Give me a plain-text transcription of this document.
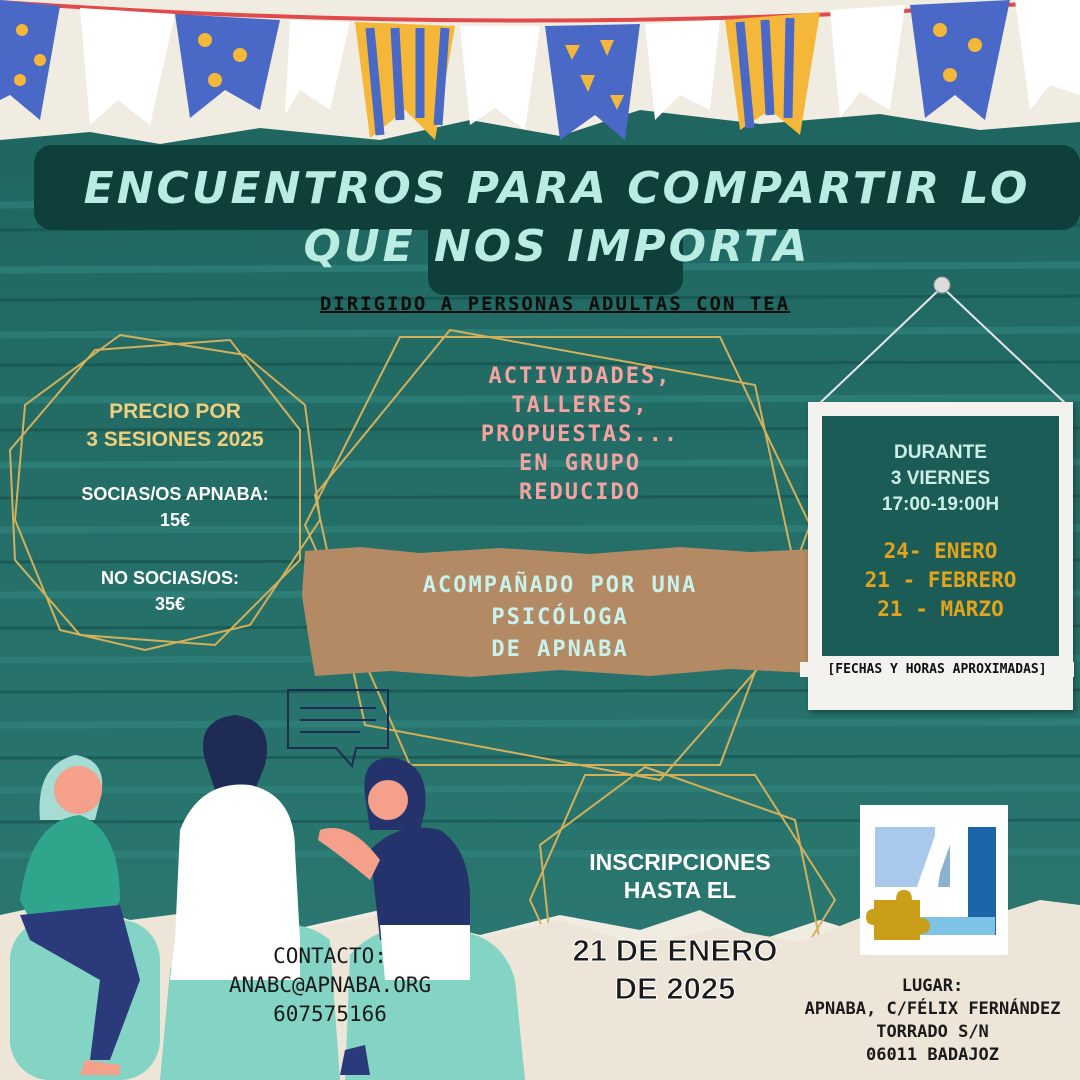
ENCUENTROS PARA COMPARTIR LO QUE NOS IMPORTA
DIRIGIDO A PERSONAS ADULTAS CON TEA
PRECIO POR
3 SESIONES 2025
SOCIAS/OS APNABA:
15€
NO SOCIAS/OS:
35€
ACTIVIDADES,
TALLERES,
PROPUESTAS...
EN GRUPO
REDUCIDO
ACOMPAÑADO POR UNA
PSICÓLOGA
DE APNABA
DURANTE
3 VIERNES
17:00-19:00H
24- ENERO
21 - FEBRERO
21 - MARZO
[FECHAS Y HORAS APROXIMADAS]
INSCRIPCIONES
HASTA EL
21 DE ENERO
DE 2025
CONTACTO:
ANABC@APNABA.ORG
607575166
LUGAR:
APNABA, C/FÉLIX FERNÁNDEZ
TORRADO S/N
06011 BADAJOZ
